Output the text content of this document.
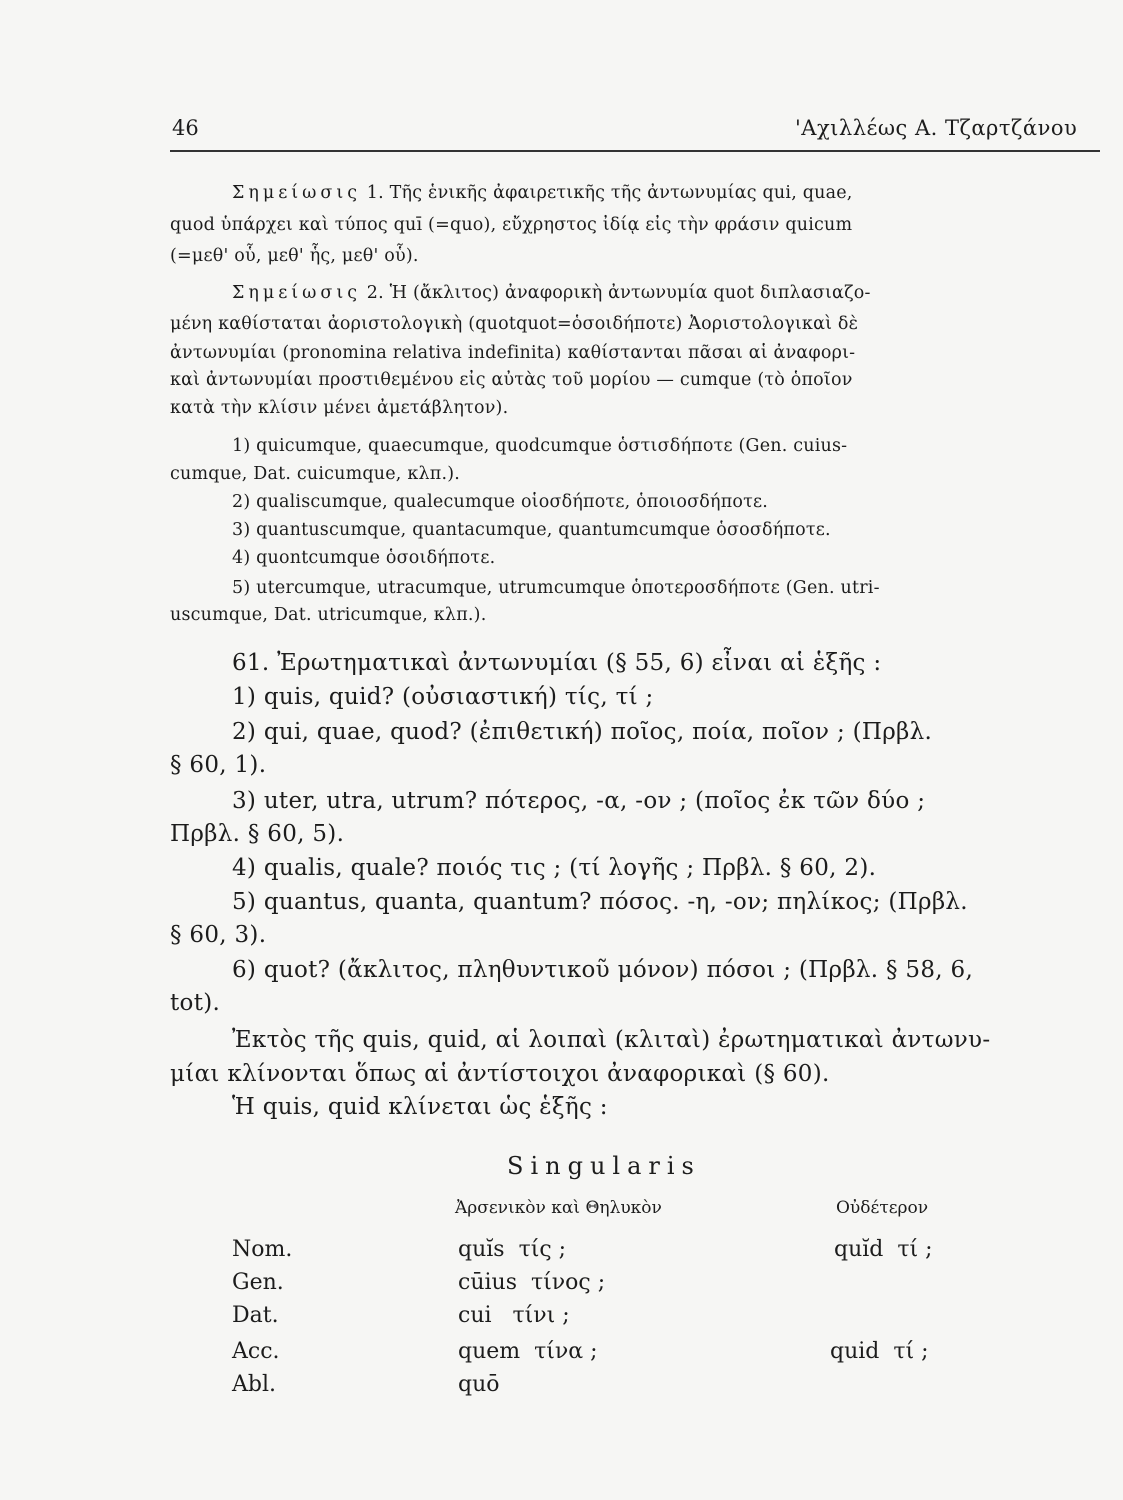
46	'Αχιλλέως Α. Τζαρτζάνου
Σημείωσις 1. Τῆς ἑνικῆς ἀφαιρετικῆς τῆς ἀντωνυμίας qui, quae,
quod ὑπάρχει καὶ τύπος quī (=quo), εὔχρηστος ἰδίᾳ εἰς τὴν φράσιν quicum
(=μεθ' οὗ, μεθ' ἧς, μεθ' οὗ).
Σημείωσις 2. Ἡ (ἄκλιτος) ἀναφορικὴ ἀντωνυμία quot διπλασιαζο-
μένη καθίσταται ἀοριστολογικὴ (quotquot=ὁσοιδήποτε) Ἀοριστολογικαὶ δὲ
ἀντωνυμίαι (pronomina relativa indefinita) καθίστανται πᾶσαι αἱ ἀναφορι-
καὶ ἀντωνυμίαι προστιθεμένου εἰς αὐτὰς τοῦ μορίου — cumque (τὸ ὁποῖον
κατὰ τὴν κλίσιν μένει ἀμετάβλητον).
1) quicumque, quaecumque, quodcumque ὁστισδήποτε (Gen. cuius-
cumque, Dat. cuicumque, κλπ.).
2) qualiscumque, qualecumque οἱοσδήποτε, ὁποιοσδήποτε.
3) quantuscumque, quantacumque, quantumcumque ὁσοσδήποτε.
4) quontcumque ὁσοιδήποτε.
5) utercumque, utracumque, utrumcumque ὁποτεροσδήποτε (Gen. utri-
uscumque, Dat. utricumque, κλπ.).
61. Ἐρωτηματικαὶ ἀντωνυμίαι (§ 55, 6) εἶναι αἱ ἑξῆς :
1) quis, quid? (οὐσιαστική) τίς, τί ;
2) qui, quae, quod? (ἐπιθετική) ποῖος, ποία, ποῖον ; (Πρβλ.
§ 60, 1).
3) uter, utra, utrum? πότερος, -α, -ον ; (ποῖος ἐκ τῶν δύο ;
Πρβλ. § 60, 5).
4) qualis, quale? ποιός τις ; (τί λογῆς ; Πρβλ. § 60, 2).
5) quantus, quanta, quantum? πόσος. -η, -ον; πηλίκος; (Πρβλ.
§ 60, 3).
6) quot? (ἄκλιτος, πληθυντικοῦ μόνον) πόσοι ; (Πρβλ. § 58, 6,
tot).
Ἐκτὸς τῆς quis, quid, αἱ λοιπαὶ (κλιταὶ) ἐρωτηματικαὶ ἀντωνυ-
μίαι κλίνονται ὅπως αἱ ἀντίστοιχοι ἀναφορικαὶ (§ 60).
Ἡ quis, quid κλίνεται ὡς ἑξῆς :
Singularis
Ἀρσενικὸν καὶ Θηλυκὸν	Οὐδέτερον
Nom.	quĭs  τίς ;	quĭd  τί ;
Gen.	cūius  τίνος ;
Dat.	cui   τίνι ;
Acc.	quem  τίνα ;	quid  τί ;
Abl.	quō
